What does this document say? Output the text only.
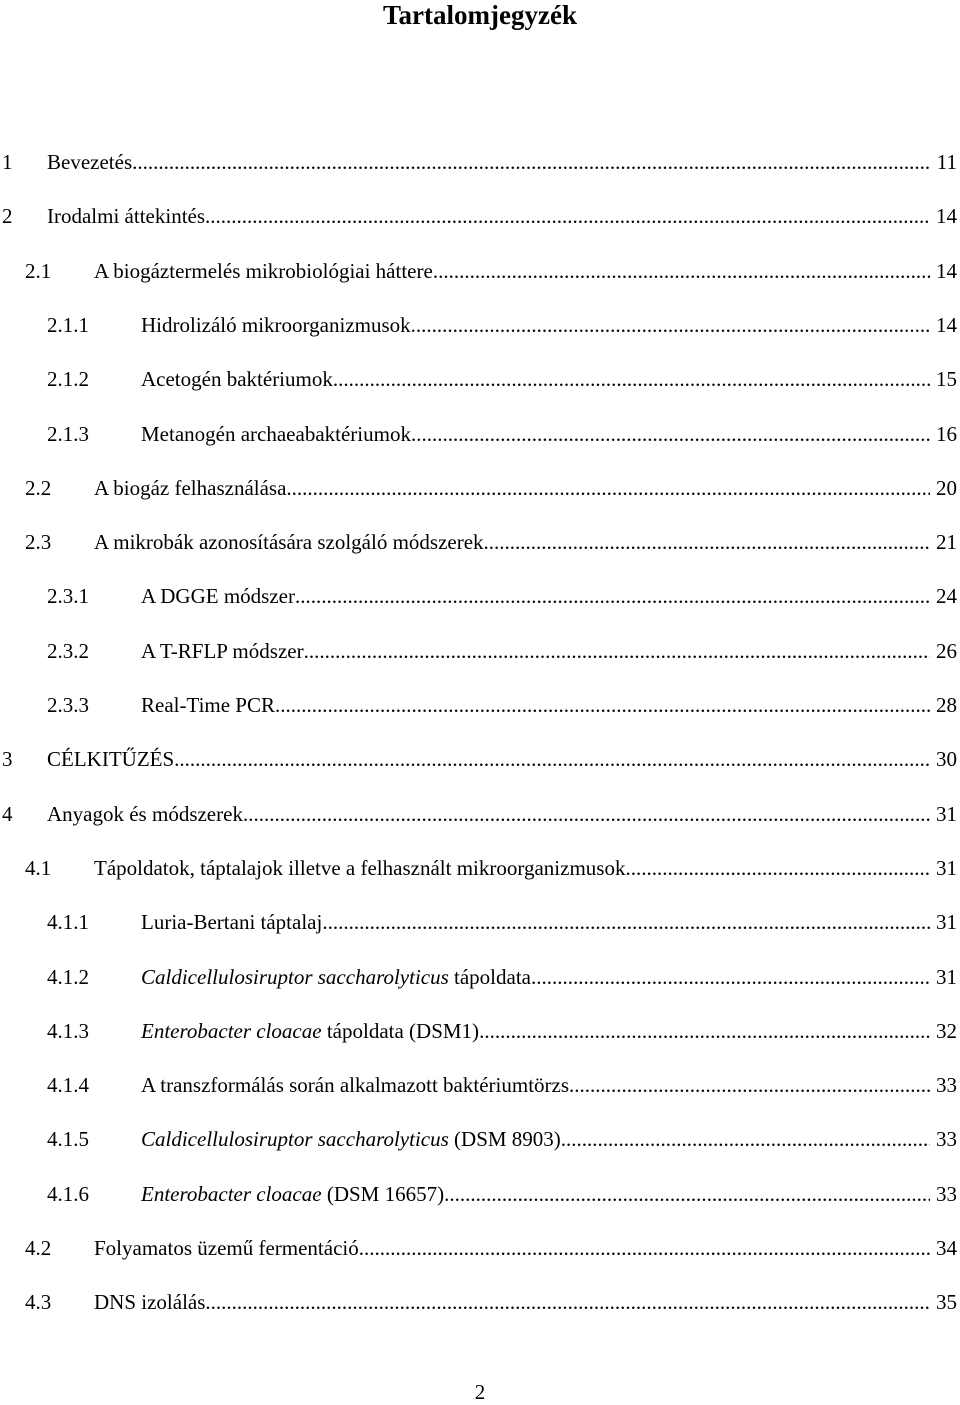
Tartalomjegyzék
1	Bevezetés .....	11
2	Irodalmi áttekintés .....	14
2.1	A biogáztermelés mikrobiológiai háttere .....	14
2.1.1	Hidrolizáló mikroorganizmusok .....	14
2.1.2	Acetogén baktériumok .....	15
2.1.3	Metanogén archaeabaktériumok .....	16
2.2	A biogáz felhasználása .....	20
2.3	A mikrobák azonosítására szolgáló módszerek .....	21
2.3.1	A DGGE módszer .....	24
2.3.2	A T-RFLP módszer .....	26
2.3.3	Real-Time PCR .....	28
3	CÉLKITŰZÉS .....	30
4	Anyagok és módszerek .....	31
4.1	Tápoldatok, táptalajok illetve a felhasznált mikroorganizmusok .....	31
4.1.1	Luria-Bertani táptalaj .....	31
4.1.2	Caldicellulosiruptor saccharolyticus tápoldata .....	31
4.1.3	Enterobacter cloacae tápoldata (DSM1) .....	32
4.1.4	A transzformálás során alkalmazott baktériumtörzs .....	33
4.1.5	Caldicellulosiruptor saccharolyticus (DSM 8903) .....	33
4.1.6	Enterobacter cloacae (DSM 16657) .....	33
4.2	Folyamatos üzemű fermentáció .....	34
4.3	DNS izolálás .....	35
2
